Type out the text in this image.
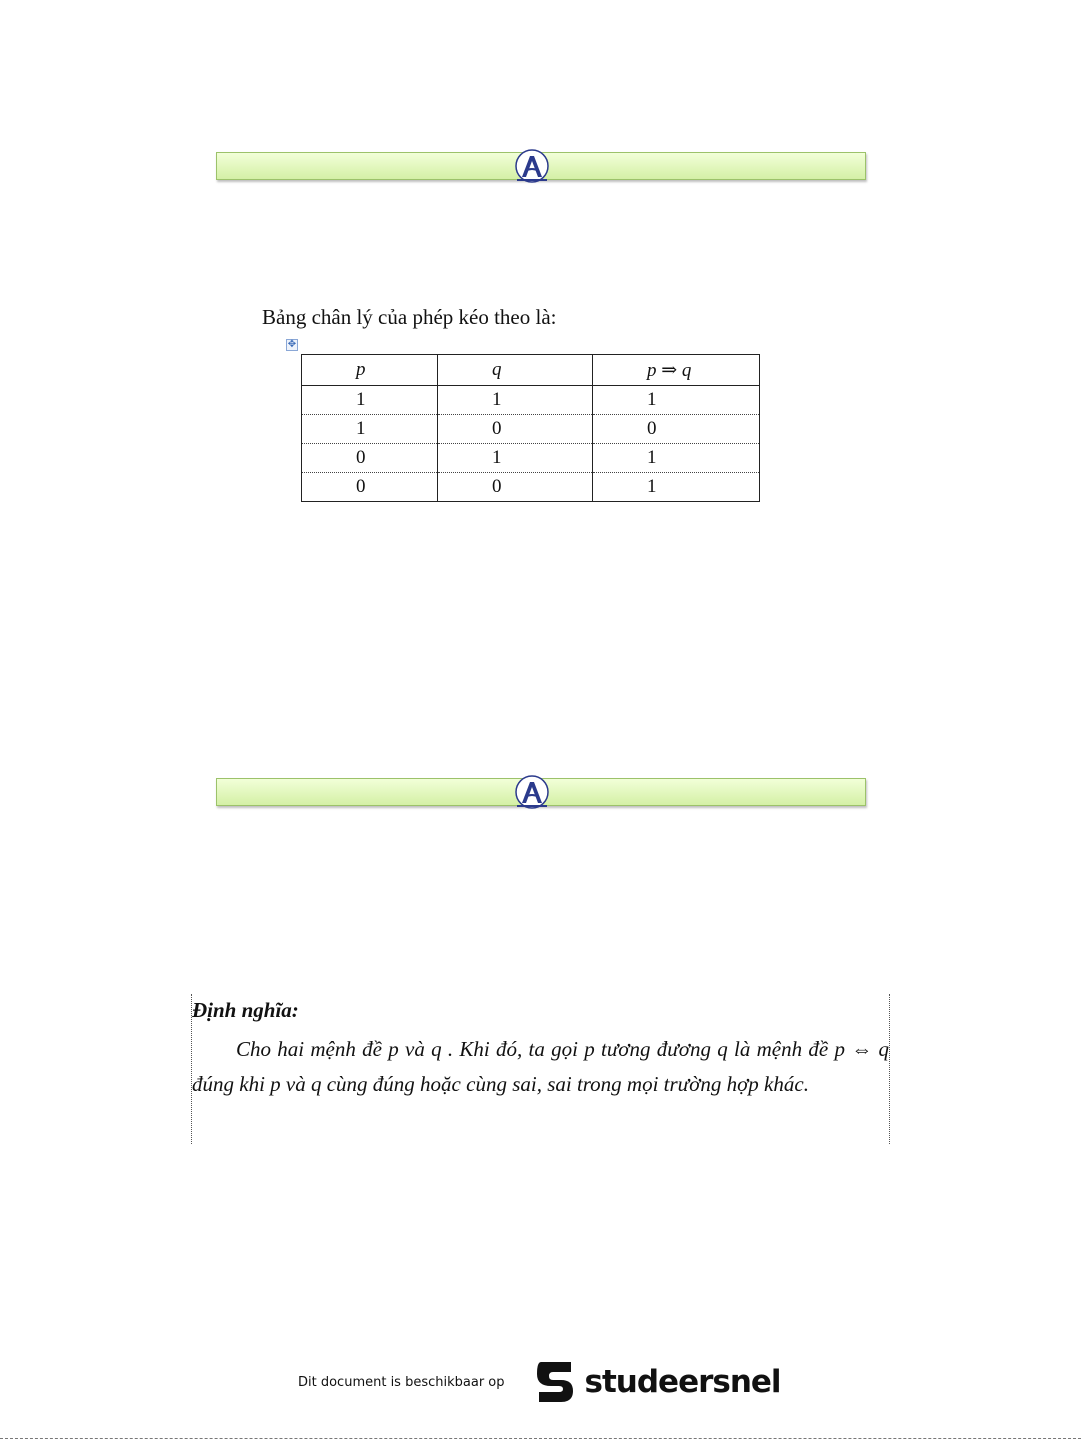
Bảng chân lý của phép kéo theo là:

✥
p	q	p ⇒ q
1	1	1
1	0	0
0	1	1
0	0	1

Định nghĩa:

Cho hai mệnh đề p và q . Khi đó, ta gọi p tương đương q là mệnh đề p ⇔ q đúng khi p và q cùng đúng hoặc cùng sai, sai trong mọi trường hợp khác.

Dit document is beschikbaar op	studeersnel
